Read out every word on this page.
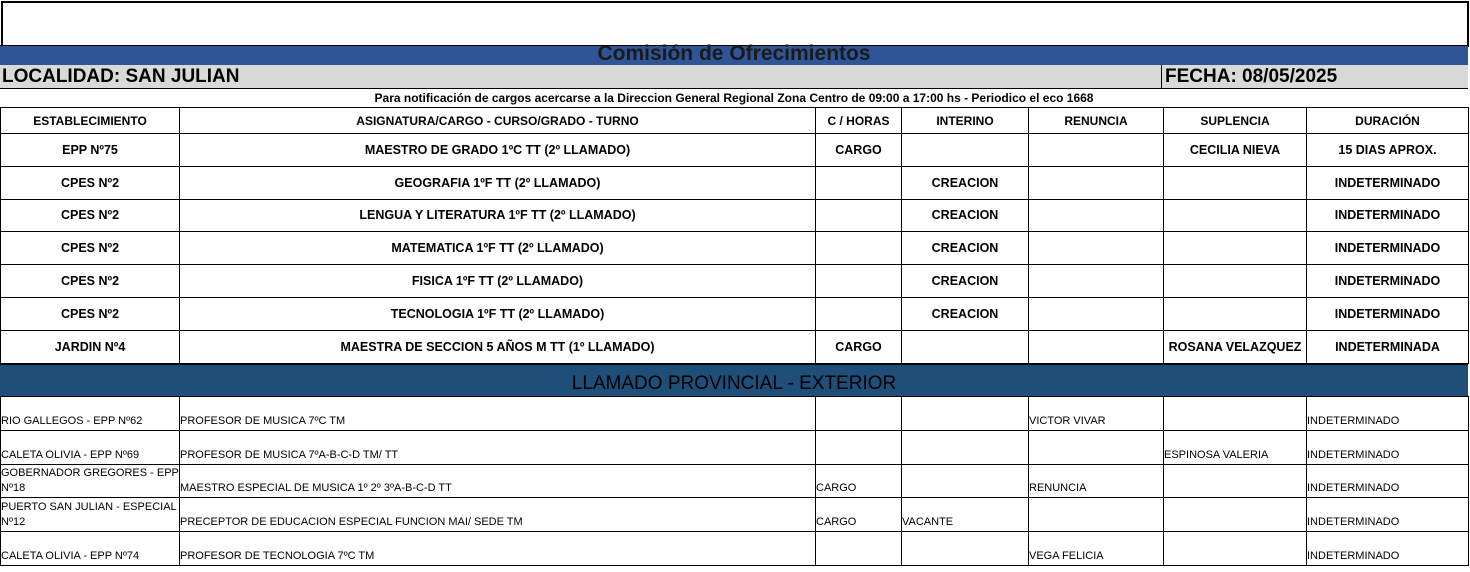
Comisión de Ofrecimientos
LOCALIDAD: SAN JULIAN	FECHA: 08/05/2025
Para notificación de cargos acercarse a la Direccion General Regional Zona Centro de 09:00 a 17:00 hs - Periodico el eco 1668
ESTABLECIMIENTO	ASIGNATURA/CARGO - CURSO/GRADO - TURNO	C / HORAS	INTERINO	RENUNCIA	SUPLENCIA	DURACIÓN
EPP Nº75	MAESTRO DE GRADO 1ºC TT (2º LLAMADO)	CARGO			CECILIA NIEVA	15 DIAS APROX.
CPES Nº2	GEOGRAFIA 1ºF TT (2º LLAMADO)		CREACION			INDETERMINADO
CPES Nº2	LENGUA Y LITERATURA 1ºF TT (2º LLAMADO)		CREACION			INDETERMINADO
CPES Nº2	MATEMATICA 1ºF TT (2º LLAMADO)		CREACION			INDETERMINADO
CPES Nº2	FISICA 1ºF TT (2º LLAMADO)		CREACION			INDETERMINADO
CPES Nº2	TECNOLOGIA 1ºF TT (2º LLAMADO)		CREACION			INDETERMINADO
JARDIN Nº4	MAESTRA DE SECCION 5 AÑOS M TT (1º LLAMADO)	CARGO			ROSANA VELAZQUEZ	INDETERMINADA
LLAMADO PROVINCIAL - EXTERIOR
RIO GALLEGOS - EPP Nº62	PROFESOR DE MUSICA 7ºC TM			VICTOR VIVAR		INDETERMINADO
CALETA OLIVIA - EPP Nº69	PROFESOR DE MUSICA 7ºA-B-C-D TM/ TT				ESPINOSA VALERIA	INDETERMINADO
GOBERNADOR GREGORES - EPP Nº18	MAESTRO ESPECIAL DE MUSICA 1º 2º 3ºA-B-C-D TT	CARGO		RENUNCIA		INDETERMINADO
PUERTO SAN JULIAN - ESPECIAL Nº12	PRECEPTOR DE EDUCACION ESPECIAL FUNCION MAI/ SEDE TM	CARGO	VACANTE			INDETERMINADO
CALETA OLIVIA - EPP Nº74	PROFESOR DE TECNOLOGIA 7ºC TM			VEGA FELICIA		INDETERMINADO
